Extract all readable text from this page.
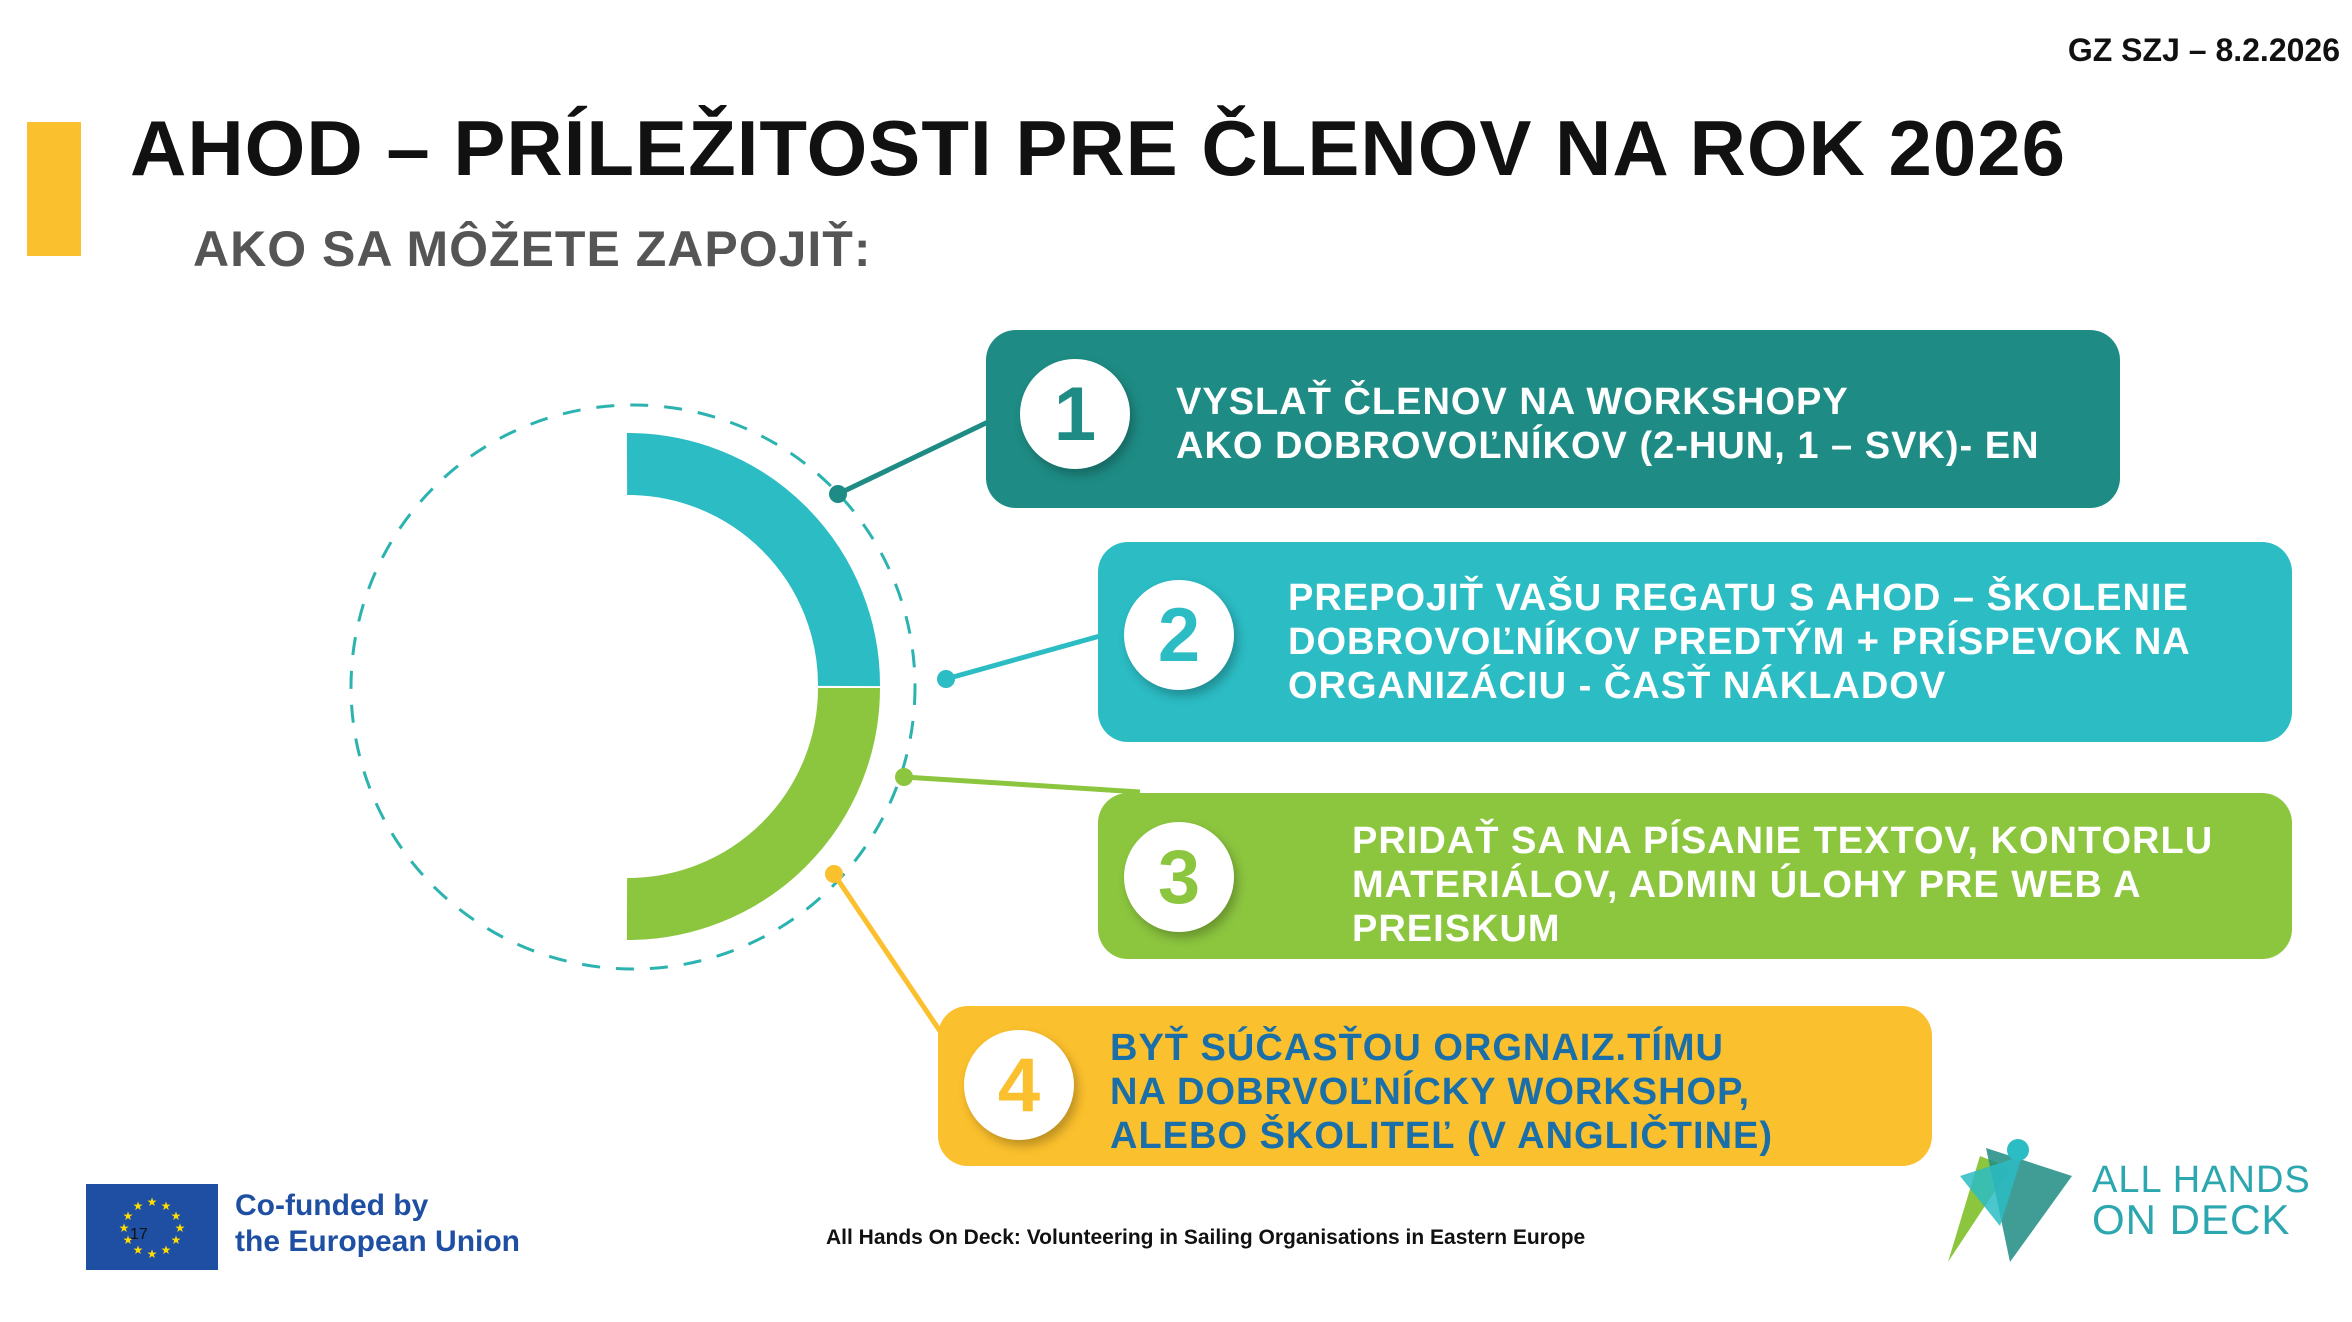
GZ SZJ – 8.2.2026
AHOD – PRÍLEŽITOSTI PRE ČLENOV NA ROK 2026
AKO SA MÔŽETE ZAPOJIŤ:
1	VYSLAŤ ČLENOV NA WORKSHOPY
AKO DOBROVOĽNÍKOV (2-HUN, 1 – SVK)- EN
2	PREPOJIŤ VAŠU REGATU S AHOD – ŠKOLENIE
DOBROVOĽNÍKOV PREDTÝM + PRÍSPEVOK NA
ORGANIZÁCIU - ČASŤ NÁKLADOV
3	PRIDAŤ SA NA PÍSANIE TEXTOV, KONTORLU
MATERIÁLOV, ADMIN ÚLOHY PRE WEB A
PREISKUM
4	BYŤ SÚČASŤOU ORGNAIZ.TÍMU
NA DOBRVOĽNÍCKY WORKSHOP,
ALEBO ŠKOLITEĽ (V ANGLIČTINE)
★ ★
★
★
★
★
★
★
★
★
★
★
17
Co-funded by
the European Union	All Hands On Deck: Volunteering in Sailing Organisations in Eastern Europe
ALL HANDS
ON DECK
